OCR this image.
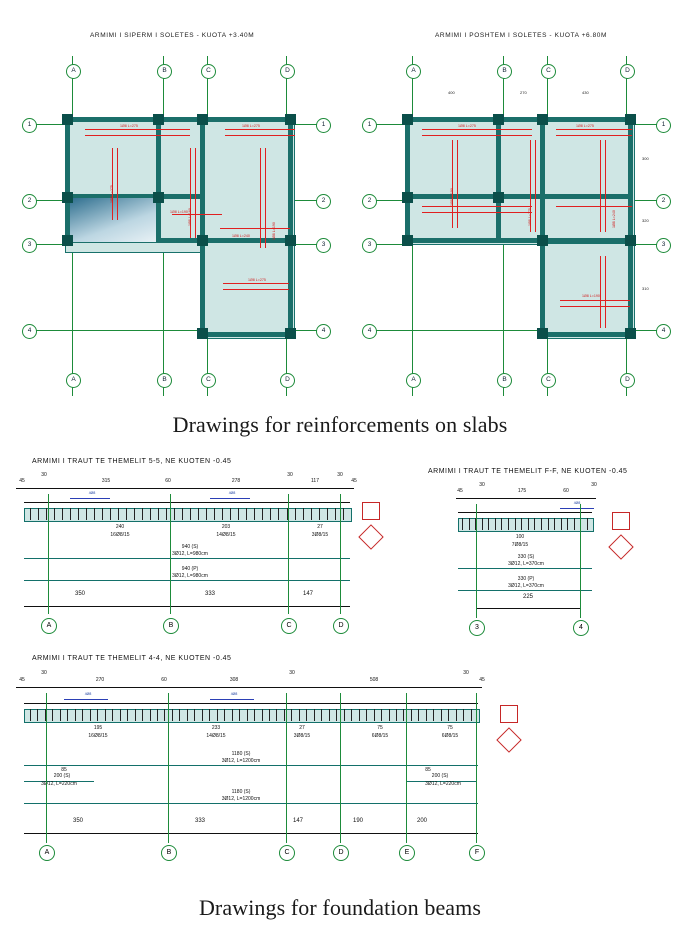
ARMIMI I SIPERM I SOLETES - KUOTA +3.40M
1Ø8 L=275	1Ø8 L=275
1Ø8 L=275
1Ø8 L=160
1Ø8 L=190
1Ø8 L=275
1Ø8 L=240
1Ø8 L=190
A	B	C	D
A	B	C	D
1
2
3
4
1
2
3
4
ARMIMI I POSHTEM I SOLETES - KUOTA +6.80M
1Ø8 L=275	1Ø8 L=275
1Ø8 L=190
1Ø8 L=275	1Ø8 L=240
1Ø8 L=190
400	270	430
300
320
310
A	B	C	D
A	B	C	D
1
2
3
4
1
2
3
4
Drawings for reinforcements on slabs
ARMIMI I TRAUT TE THEMELIT 5-5, NE KUOTEN -0.45
45
30
315	60	278
30
117
30
45
4Ø8	4Ø8
240
16Ø8/15
203
14Ø8/15
27
3Ø8/15
940 (S)
3Ø12, L=980cm
940 (P)
3Ø12, L=980cm
350	333	147
A	B	C	D
ARMIMI I TRAUT TE THEMELIT F-F, NE KUOTEN -0.45
45
30
175	60
30
4Ø8
100
7Ø8/15
330 (S)
3Ø12, L=370cm
330 (P)
3Ø12, L=370cm
225
3	4
ARMIMI I TRAUT TE THEMELIT 4-4, NE KUOTEN -0.45
45
30
270	60	308
30
508
30
45
4Ø8	4Ø8
195
16Ø8/15
233
14Ø8/15
27
3Ø8/15
75
6Ø8/15
75
6Ø8/15
1180 (S)
3Ø12, L=1200cm
1180 (S)
3Ø12, L=1200cm
85
200 (S)
3Ø12, L=220cm
85
200 (S)
3Ø12, L=220cm
350	333	147	190	200
A	B	C	D	E	F
Drawings for foundation beams
